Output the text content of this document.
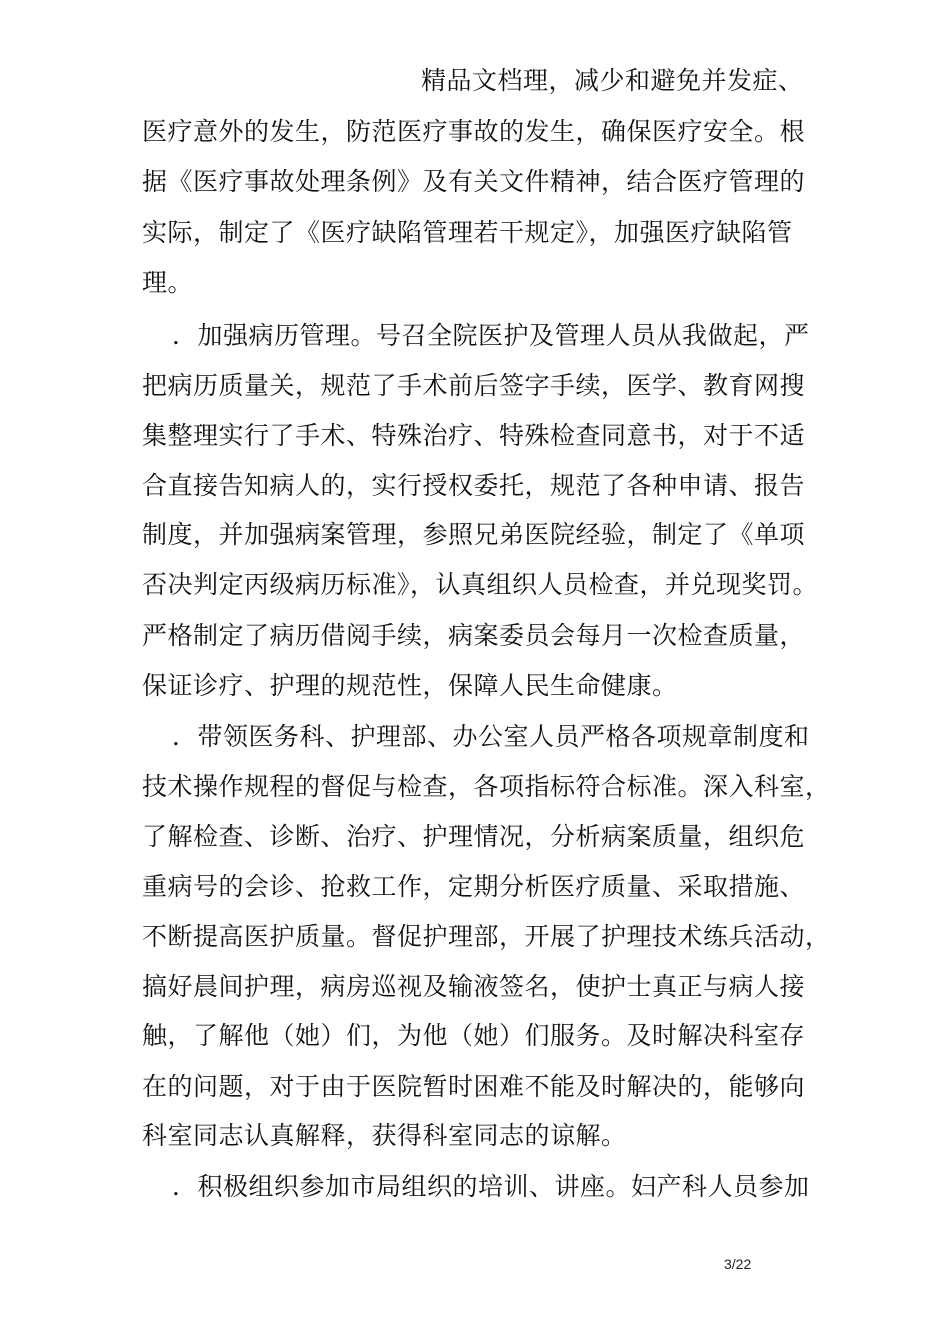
精品文档理，减少和避免并发症、
医疗意外的发生，防范医疗事故的发生，确保医疗安全。根
据《医疗事故处理条例》及有关文件精神，结合医疗管理的
实际，制定了《医疗缺陷管理若干规定》，加强医疗缺陷管
理。
．加强病历管理。号召全院医护及管理人员从我做起，严
把病历质量关，规范了手术前后签字手续，医学、教育网搜
集整理实行了手术、特殊治疗、特殊检查同意书，对于不适
合直接告知病人的，实行授权委托，规范了各种申请、报告
制度，并加强病案管理，参照兄弟医院经验，制定了《单项
否决判定丙级病历标准》，认真组织人员检查，并兑现奖罚。
严格制定了病历借阅手续，病案委员会每月一次检查质量，
保证诊疗、护理的规范性，保障人民生命健康。
．带领医务科、护理部、办公室人员严格各项规章制度和
技术操作规程的督促与检查，各项指标符合标准。深入科室，
了解检查、诊断、治疗、护理情况，分析病案质量，组织危
重病号的会诊、抢救工作，定期分析医疗质量、采取措施、
不断提高医护质量。督促护理部，开展了护理技术练兵活动，
搞好晨间护理，病房巡视及输液签名，使护士真正与病人接
触，了解他（她）们，为他（她）们服务。及时解决科室存
在的问题，对于由于医院暂时困难不能及时解决的，能够向
科室同志认真解释，获得科室同志的谅解。
．积极组织参加市局组织的培训、讲座。妇产科人员参加
3/22
